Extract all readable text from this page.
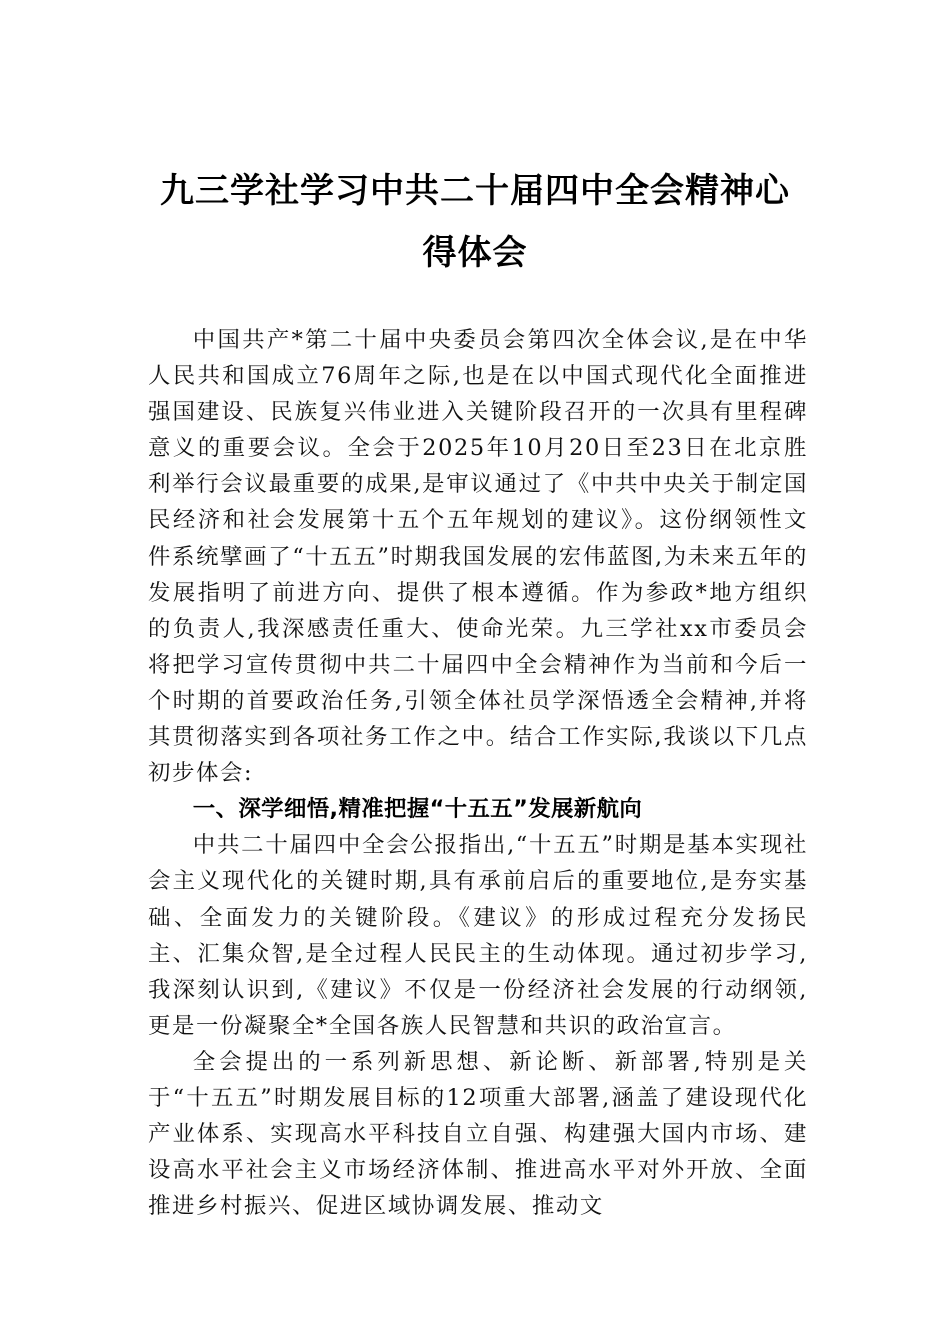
九三学社学习中共二十届四中全会精神心
得体会

中国共产*第二十届中央委员会第四次全体会议,是在中华人民共和国成立76周年之际,也是在以中国式现代化全面推进强国建设、民族复兴伟业进入关键阶段召开的一次具有里程碑意义的重要会议。全会于2025年10月20日至23日在北京胜利举行会议最重要的成果,是审议通过了《中共中央关于制定国民经济和社会发展第十五个五年规划的建议》。这份纲领性文件系统擘画了“十五五”时期我国发展的宏伟蓝图,为未来五年的发展指明了前进方向、提供了根本遵循。作为参政*地方组织的负责人,我深感责任重大、使命光荣。九三学社xx市委员会将把学习宣传贯彻中共二十届四中全会精神作为当前和今后一个时期的首要政治任务,引领全体社员学深悟透全会精神,并将其贯彻落实到各项社务工作之中。结合工作实际,我谈以下几点初步体会:

一、深学细悟,精准把握“十五五”发展新航向

中共二十届四中全会公报指出,“十五五”时期是基本实现社会主义现代化的关键时期,具有承前启后的重要地位,是夯实基础、全面发力的关键阶段。《建议》的形成过程充分发扬民主、汇集众智,是全过程人民民主的生动体现。通过初步学习,我深刻认识到,《建议》不仅是一份经济社会发展的行动纲领,更是一份凝聚全*全国各族人民智慧和共识的政治宣言。

全会提出的一系列新思想、新论断、新部署,特别是关于“十五五”时期发展目标的12项重大部署,涵盖了建设现代化产业体系、实现高水平科技自立自强、构建强大国内市场、建设高水平社会主义市场经济体制、推进高水平对外开放、全面推进乡村振兴、促进区域协调发展、推动文
